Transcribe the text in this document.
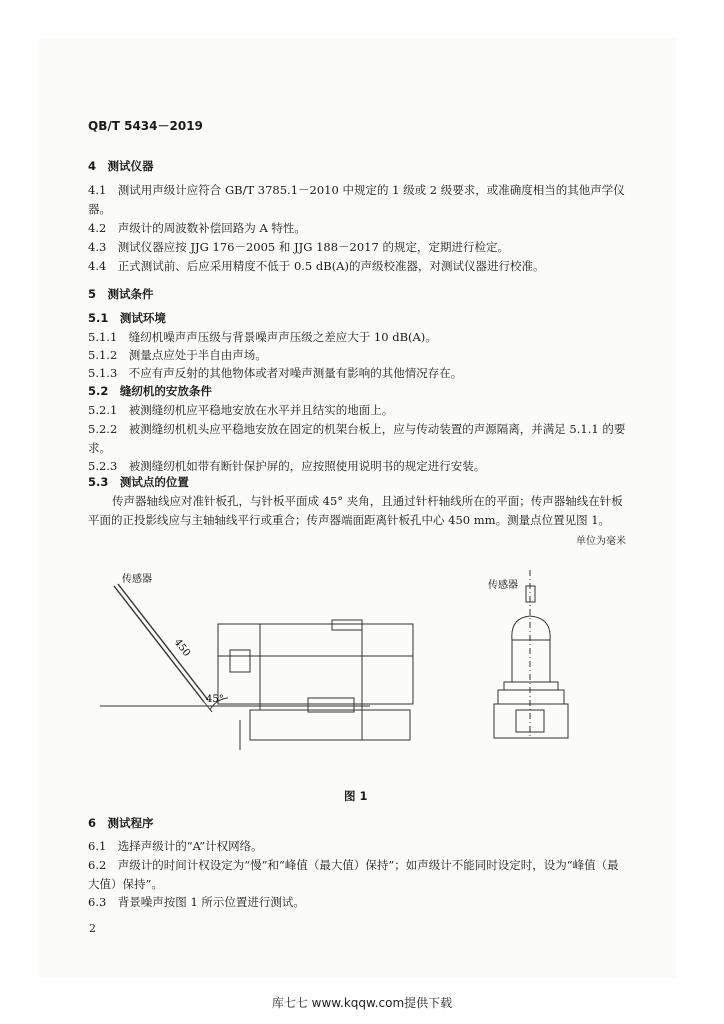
QB/T 5434－2019
4　测试仪器
4.1　测试用声级计应符合 GB/T 3785.1－2010 中规定的 1 级或 2 级要求，或准确度相当的其他声学仪器。
4.2　声级计的周波数补偿回路为 A 特性。
4.3　测试仪器应按 JJG 176－2005 和 JJG 188－2017 的规定，定期进行检定。
4.4　正式测试前、后应采用精度不低于 0.5 dB(A)的声级校准器，对测试仪器进行校准。
5　测试条件
5.1　测试环境
5.1.1　缝纫机噪声声压级与背景噪声声压级之差应大于 10 dB(A)。
5.1.2　测量点应处于半自由声场。
5.1.3　不应有声反射的其他物体或者对噪声测量有影响的其他情况存在。
5.2　缝纫机的安放条件
5.2.1　被测缝纫机应平稳地安放在水平并且结实的地面上。
5.2.2　被测缝纫机机头应平稳地安放在固定的机架台板上，应与传动装置的声源隔离，并满足 5.1.1 的要求。
5.2.3　被测缝纫机如带有断针保护屏的，应按照使用说明书的规定进行安装。
5.3　测试点的位置
传声器轴线应对准针板孔，与针板平面成 45° 夹角，且通过针杆轴线所在的平面；传声器轴线在针板平面的正投影线应与主轴轴线平行或重合；传声器端面距离针板孔中心 450 mm。测量点位置见图 1。
单位为毫米
传感器
450
45°
传感器
图 1
6　测试程序
6.1　选择声级计的“A”计权网络。
6.2　声级计的时间计权设定为“慢”和“峰值（最大值）保持”；如声级计不能同时设定时，设为“峰值（最大值）保持”。
6.3　背景噪声按图 1 所示位置进行测试。
2
库七七 www.kqqw.com提供下载
